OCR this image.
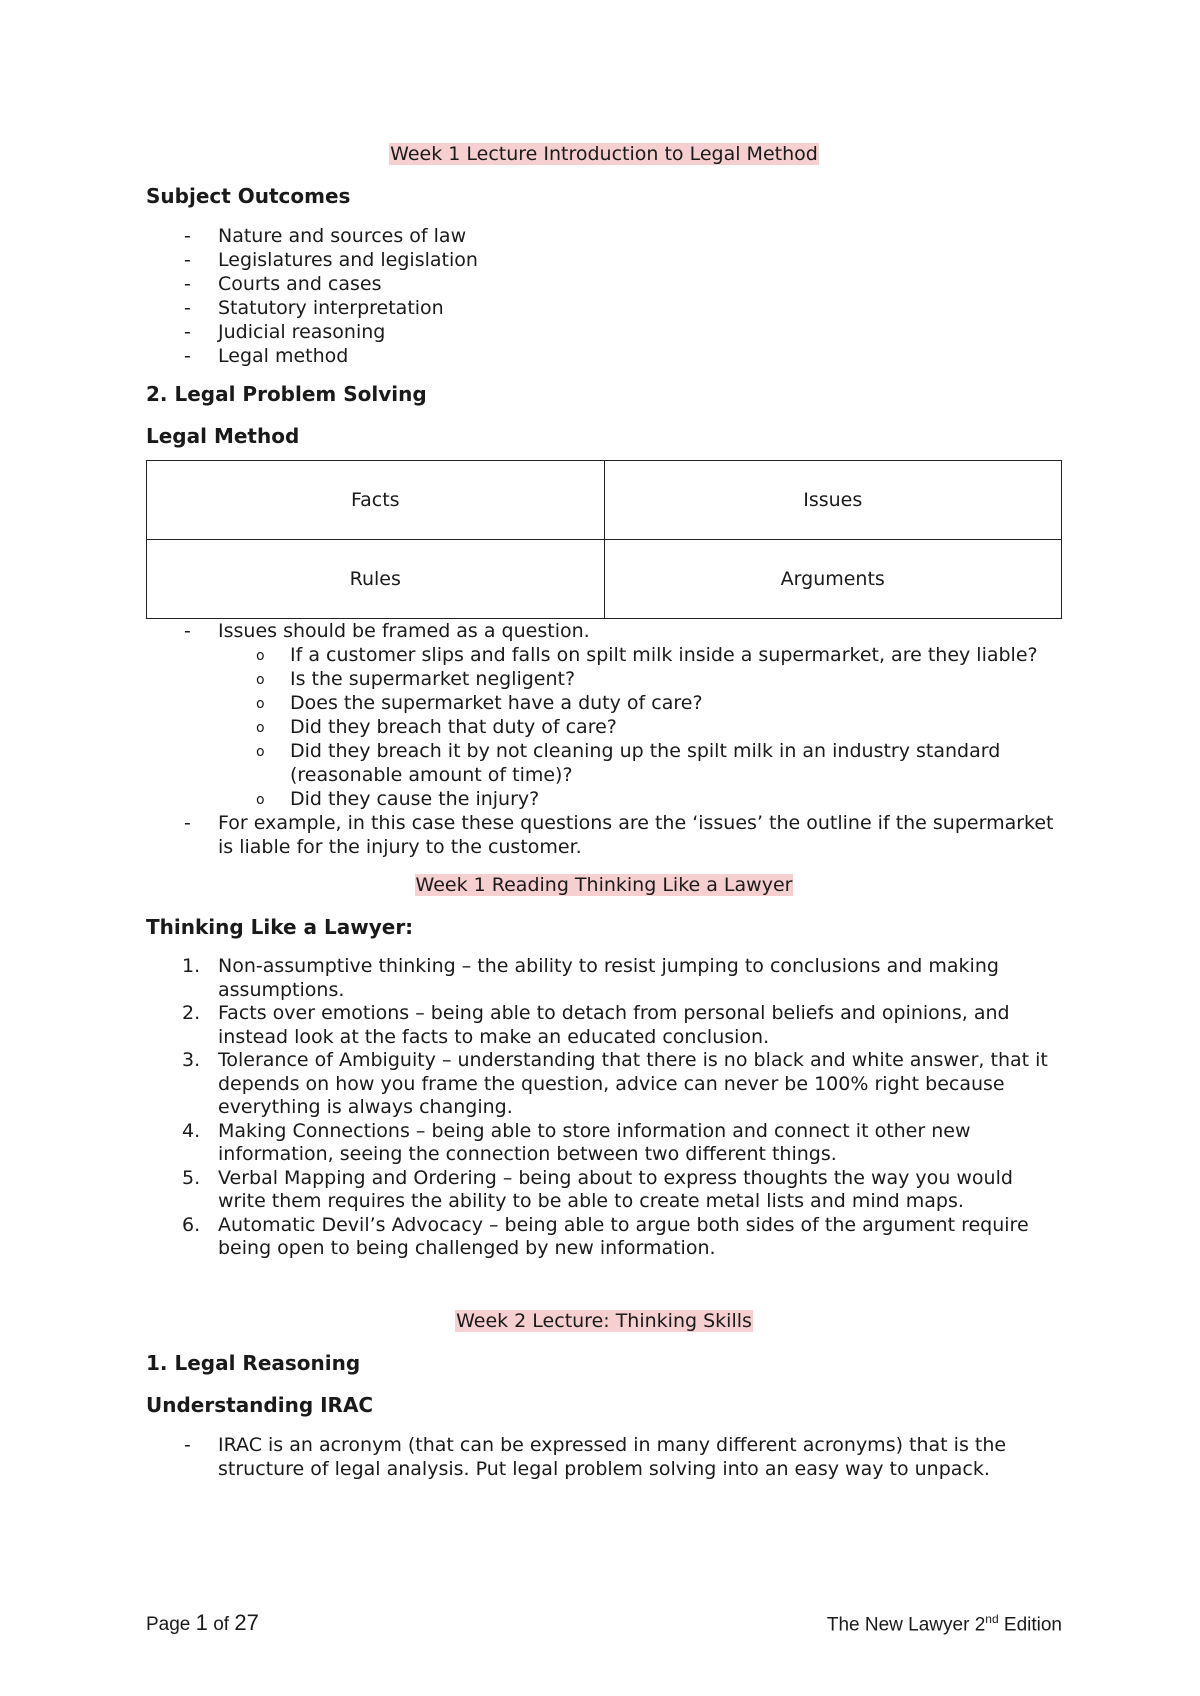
Week 1 Lecture Introduction to Legal Method
Subject Outcomes
- Nature and sources of law
- Legislatures and legislation
- Courts and cases
- Statutory interpretation
- Judicial reasoning
- Legal method
2. Legal Problem Solving
Legal Method
Facts	Issues
Rules	Arguments
- Issues should be framed as a question.
o If a customer slips and falls on spilt milk inside a supermarket, are they liable?
o Is the supermarket negligent?
o Does the supermarket have a duty of care?
o Did they breach that duty of care?
o Did they breach it by not cleaning up the spilt milk in an industry standard (reasonable amount of time)?
o Did they cause the injury?
- For example, in this case these questions are the ‘issues’ the outline if the supermarket is liable for the injury to the customer.
Week 1 Reading Thinking Like a Lawyer
Thinking Like a Lawyer:
1. Non-assumptive thinking – the ability to resist jumping to conclusions and making assumptions.
2. Facts over emotions – being able to detach from personal beliefs and opinions, and instead look at the facts to make an educated conclusion.
3. Tolerance of Ambiguity – understanding that there is no black and white answer, that it depends on how you frame the question, advice can never be 100% right because everything is always changing.
4. Making Connections – being able to store information and connect it other new information, seeing the connection between two different things.
5. Verbal Mapping and Ordering – being about to express thoughts the way you would write them requires the ability to be able to create metal lists and mind maps.
6. Automatic Devil’s Advocacy – being able to argue both sides of the argument require being open to being challenged by new information.
Week 2 Lecture: Thinking Skills
1. Legal Reasoning
Understanding IRAC
- IRAC is an acronym (that can be expressed in many different acronyms) that is the structure of legal analysis. Put legal problem solving into an easy way to unpack.
Page 1 of 27	The New Lawyer 2nd Edition
